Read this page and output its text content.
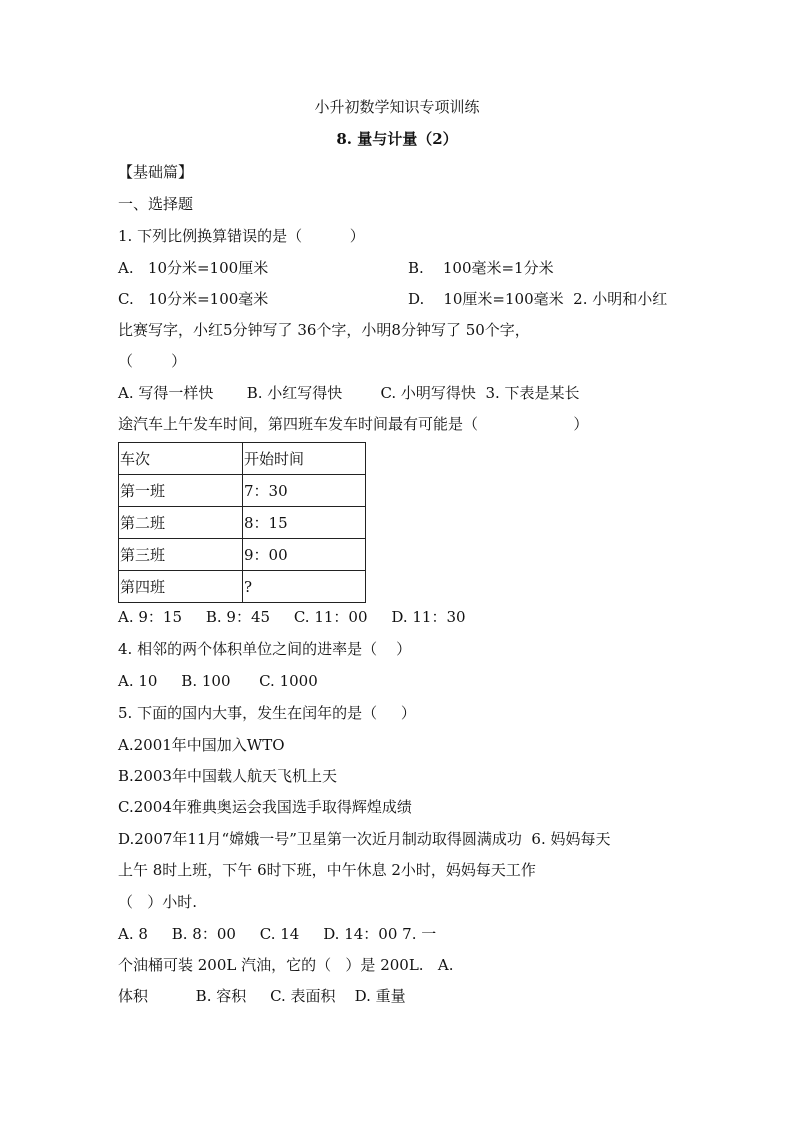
小升初数学知识专项训练
8. 量与计量（2）
【基础篇】
一、选择题
1. 下列比例换算错误的是（          ）
A.   10分米=100厘米	B.    100毫米=1分米
C.   10分米=100毫米	D.    10厘米=100毫米  2. 小明和小红
比赛写字，小红5分钟写了 36个字，小明8分钟写了 50个字，
（        ）
A. 写得一样快       B. 小红写得快        C. 小明写得快  3. 下表是某长
途汽车上午发车时间，第四班车发车时间最有可能是（                    ）
车次	开始时间
第一班	7：30
第二班	8：15
第三班	9：00
第四班	?
A. 9：15     B. 9：45     C. 11：00     D. 11：30
4. 相邻的两个体积单位之间的进率是（    ）
A. 10     B. 100      C. 1000
5. 下面的国内大事，发生在闰年的是（     ）
A.2001年中国加入WTO
B.2003年中国载人航天飞机上天
C.2004年雅典奥运会我国选手取得辉煌成绩
D.2007年11月“嫦娥一号”卫星第一次近月制动取得圆满成功  6. 妈妈每天
上午 8时上班，下午 6时下班，中午休息 2小时，妈妈每天工作
（   ）小时.
A. 8     B. 8：00     C. 14     D. 14：00 7. 一
个油桶可装 200L 汽油，它的（   ）是 200L.   A.
体积          B. 容积     C. 表面积    D. 重量
